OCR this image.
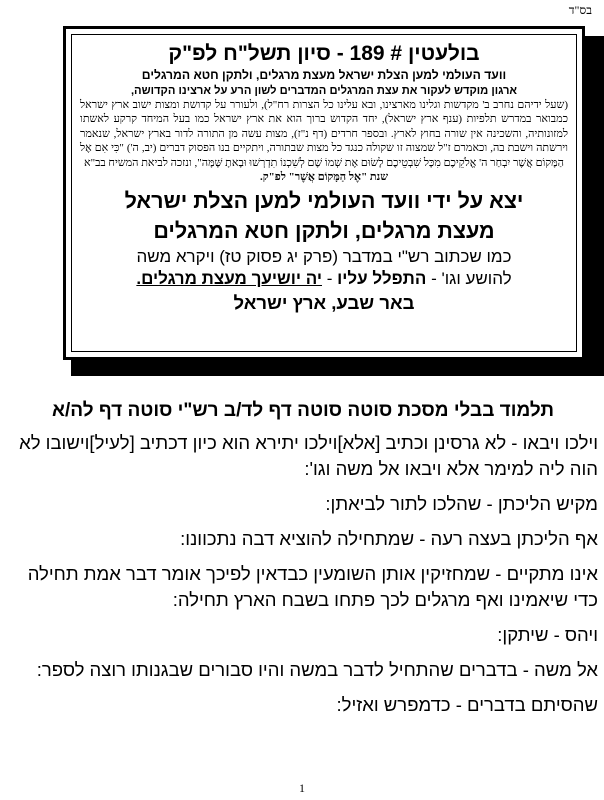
בס"ד

בולעטין # 189 - סיון תשל"ח לפ"ק

וועד העולמי למען הצלת ישראל מעצת מרגלים, ולתקן חטא המרגלים

ארגון מוקדש לעקור את עצת המרגלים המדברים לשון הרע על ארצינו הקדושה,

(שעל ידיהם נחרב ב' מקדשות וגלינו מארצינו, ובא עלינו כל הצרות רח"ל), ולעורר על קדושת ומצות ישוב ארץ ישראל כמבואר במדרש תלפיות (ענף ארץ ישראל), יחד הקדוש ברוך הוא את ארץ ישראל כמו בעל המיחד קרקע לאשתו למזונותיה, והשכינה אין שורה בחוץ לארץ. ובספר חרדים (דף נ"ז), מצות עשה מן התורה לדור בארץ ישראל, שנאמר וירשתה וישבת בה, וכאמרם ז"ל שמצוה זו שקולה כנגד כל מצות שבתורה, ויתקיים בנו הפסוק דברים (יב, ה') "כִּי אִם אֶל הַמָּקוֹם אֲשֶׁר יִבְחַר ה' אֱלֹקֵיכֶם מִכָּל שִׁבְטֵיכֶם לָשׂוּם אֶת שְׁמוֹ שָׁם לְשִׁכְנוֹ תִדְרְשׁוּ וּבָאתָ שָּׁמָּה", ונזכה לביאת המשיח בב"א

שנת "אֶל הַמָּקוֹם אֲשֶׁר" לפ"ק.

יצא על ידי וועד העולמי למען הצלת ישראל

מעצת מרגלים, ולתקן חטא המרגלים

כמו שכתוב רש"י במדבר (פרק יג פסוק טז) ויקרא משה

להושע וגו' - התפלל עליו - יה יושיעך מעצת מרגלים.

באר שבע, ארץ ישראל

תלמוד בבלי מסכת סוטה סוטה דף לד/ב רש"י סוטה דף לה/א

וילכו ויבאו - לא גרסינן וכתיב [אלא]וילכו יתירא הוא כיון דכתיב [לעיל]וישובו לא הוה ליה למימר אלא ויבאו אל משה וגו':

מקיש הליכתן - שהלכו לתור לביאתן:

אף הליכתן בעצה רעה - שמתחילה להוציא דבה נתכוונו:

אינו מתקיים - שמחזיקין אותן השומעין כבדאין לפיכך אומר דבר אמת תחילה כדי שיאמינו ואף מרגלים לכך פתחו בשבח הארץ תחילה:

ויהס - שיתקן:

אל משה - בדברים שהתחיל לדבר במשה והיו סבורים שבגנותו רוצה לספר:

שהסיתם בדברים - כדמפרש ואזיל:

1
